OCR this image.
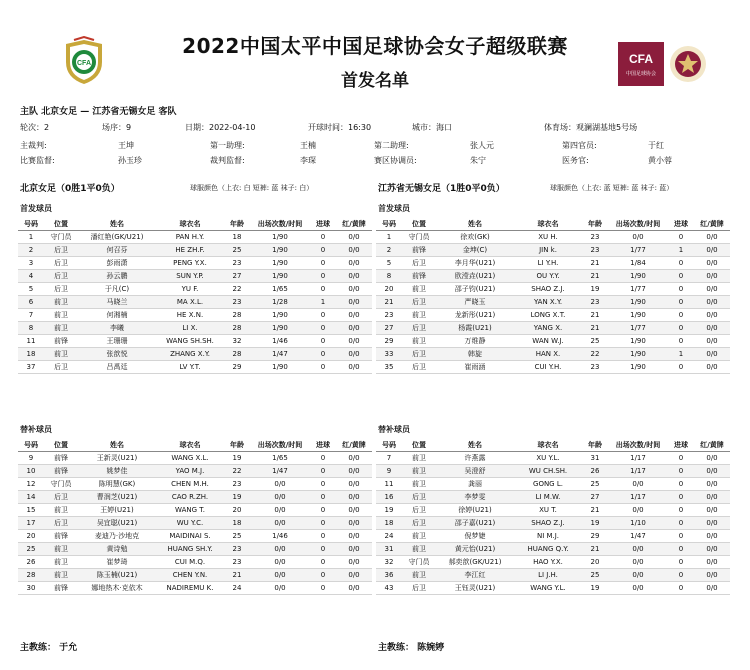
CFA
2022中国太平中国足球协会女子超级联赛
首发名单
CFA
中国足球协会
主队 北京女足 — 江苏省无锡女足 客队
轮次：2	场序：9	日期：2022-04-10	开球时间：16:30	城市：海口	体育场：观澜湖基地5号场
主裁判:	王坤	第一助理:	王楠	第二助理:	张人元	第四官员:	于红
比赛监督:	孙玉珍	裁判监督:	李琛	赛区协调员:	朱宁	医务官:	黄小蓉
北京女足（0胜1平0负）	球服颜色（上衣: 白 短裤: 蓝 袜子: 白）	江苏省无锡女足（1胜0平0负）	球服颜色（上衣: 蓝 短裤: 蓝 袜子: 蓝）
首发球员	首发球员
号码	位置	姓名	球衣名	年龄	出场次数/时间	进球	红/黄牌
1	守门员	潘红艳(GK/U21)	PAN H.Y.	18	1/90	0	0/0
2	后卫	何召芬	HE ZH.F.	25	1/90	0	0/0
3	后卫	彭雨潇	PENG Y.X.	23	1/90	0	0/0
4	后卫	孙云鹏	SUN Y.P.	27	1/90	0	0/0
5	后卫	于凡(C)	YU F.	22	1/65	0	0/0
6	前卫	马晓兰	MA X.L.	23	1/28	1	0/0
7	前卫	何湘楠	HE X.N.	28	1/90	0	0/0
8	前卫	李曦	LI X.	28	1/90	0	0/0
11	前锋	王珊珊	WANG SH.SH.	32	1/46	0	0/0
18	前卫	张歆悦	ZHANG X.Y.	28	1/47	0	0/0
37	后卫	吕禹廷	LV Y.T.	29	1/90	0	0/0
号码	位置	姓名	球衣名	年龄	出场次数/时间	进球	红/黄牌
1	守门员	徐欢(GK)	XU H.	23	0/0	0	0/0
2	前锋	金坤(C)	JIN k.	23	1/77	1	0/0
5	后卫	李月华(U21)	LI Y.H.	21	1/84	0	0/0
8	前锋	欧滢垚(U21)	OU Y.Y.	21	1/90	0	0/0
20	前卫	邵子钧(U21)	SHAO Z.J.	19	1/77	0	0/0
21	后卫	严晓玉	YAN X.Y.	23	1/90	0	0/0
23	前卫	龙新彤(U21)	LONG X.T.	21	1/90	0	0/0
27	后卫	杨霞(U21)	YANG X.	21	1/77	0	0/0
29	前卫	万维静	WAN W.J.	25	1/90	0	0/0
33	后卫	韩旋	HAN X.	22	1/90	1	0/0
35	后卫	崔雨涵	CUI Y.H.	23	1/90	0	0/0
替补球员	替补球员
号码	位置	姓名	球衣名	年龄	出场次数/时间	进球	红/黄牌
9	前锋	王新灵(U21)	WANG X.L.	19	1/65	0	0/0
10	前锋	姚梦佳	YAO M.J.	22	1/47	0	0/0
12	守门员	陈明慧(GK)	CHEN M.H.	23	0/0	0	0/0
14	后卫	曹润芝(U21)	CAO R.ZH.	19	0/0	0	0/0
15	前卫	王婷(U21)	WANG T.	20	0/0	0	0/0
17	后卫	吴宜聪(U21)	WU Y.C.	18	0/0	0	0/0
20	前锋	麦迪乃·沙地克	MAIDINAI S.	25	1/46	0	0/0
25	前卫	黄诗勉	HUANG SH.Y.	23	0/0	0	0/0
26	前卫	崔梦琦	CUI M.Q.	23	0/0	0	0/0
28	前卫	陈玉楠(U21)	CHEN Y.N.	21	0/0	0	0/0
30	前锋	娜地热木·克依木	NADIREMU K.	24	0/0	0	0/0
号码	位置	姓名	球衣名	年龄	出场次数/时间	进球	红/黄牌
7	前卫	许燕露	XU Y.L.	31	1/17	0	0/0
9	前卫	吴澄舒	WU CH.SH.	26	1/17	0	0/0
11	前卫	龚丽	GONG L.	25	0/0	0	0/0
16	后卫	李梦雯	LI M.W.	27	1/17	0	0/0
19	后卫	徐婷(U21)	XU T.	21	0/0	0	0/0
18	后卫	邵子嘉(U21)	SHAO Z.J.	19	1/10	0	0/0
24	前卫	倪梦婕	NI M.J.	29	1/47	0	0/0
31	前卫	黄元怡(U21)	HUANG Q.Y.	21	0/0	0	0/0
32	守门员	郝奕歆(GK/U21)	HAO Y.X.	20	0/0	0	0/0
36	前卫	李江红	LI J.H.	25	0/0	0	0/0
43	后卫	王钰灵(U21)	WANG Y.L.	19	0/0	0	0/0
主教练： 于允	主教练： 陈婉婷
